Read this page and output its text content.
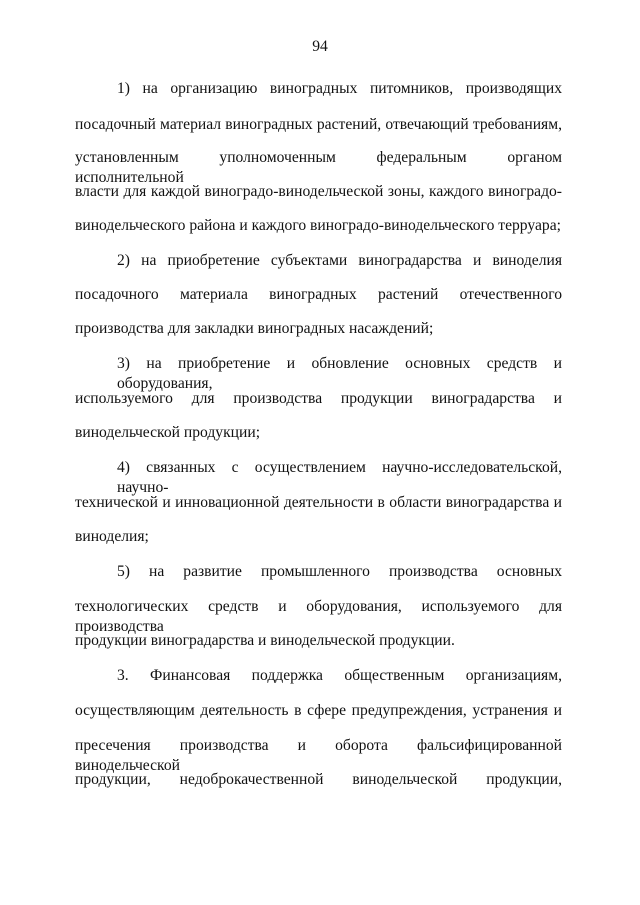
94
1) на организацию виноградных питомников, производящих
посадочный материал виноградных растений, отвечающий требованиям,
установленным уполномоченным федеральным органом исполнительной
власти для каждой виноградо-винодельческой зоны, каждого виноградо-
винодельческого района и каждого виноградо-винодельческого терруара;
2) на приобретение субъектами виноградарства и виноделия
посадочного материала виноградных растений отечественного
производства для закладки виноградных насаждений;
3) на приобретение и обновление основных средств и оборудования,
используемого для производства продукции виноградарства и
винодельческой продукции;
4) связанных с осуществлением научно-исследовательской, научно-
технической и инновационной деятельности в области виноградарства и
виноделия;
5) на развитие промышленного производства основных
технологических средств и оборудования, используемого для производства
продукции виноградарства и винодельческой продукции.
3. Финансовая поддержка общественным организациям,
осуществляющим деятельность в сфере предупреждения, устранения и
пресечения производства и оборота фальсифицированной винодельческой
продукции, недоброкачественной винодельческой продукции,
